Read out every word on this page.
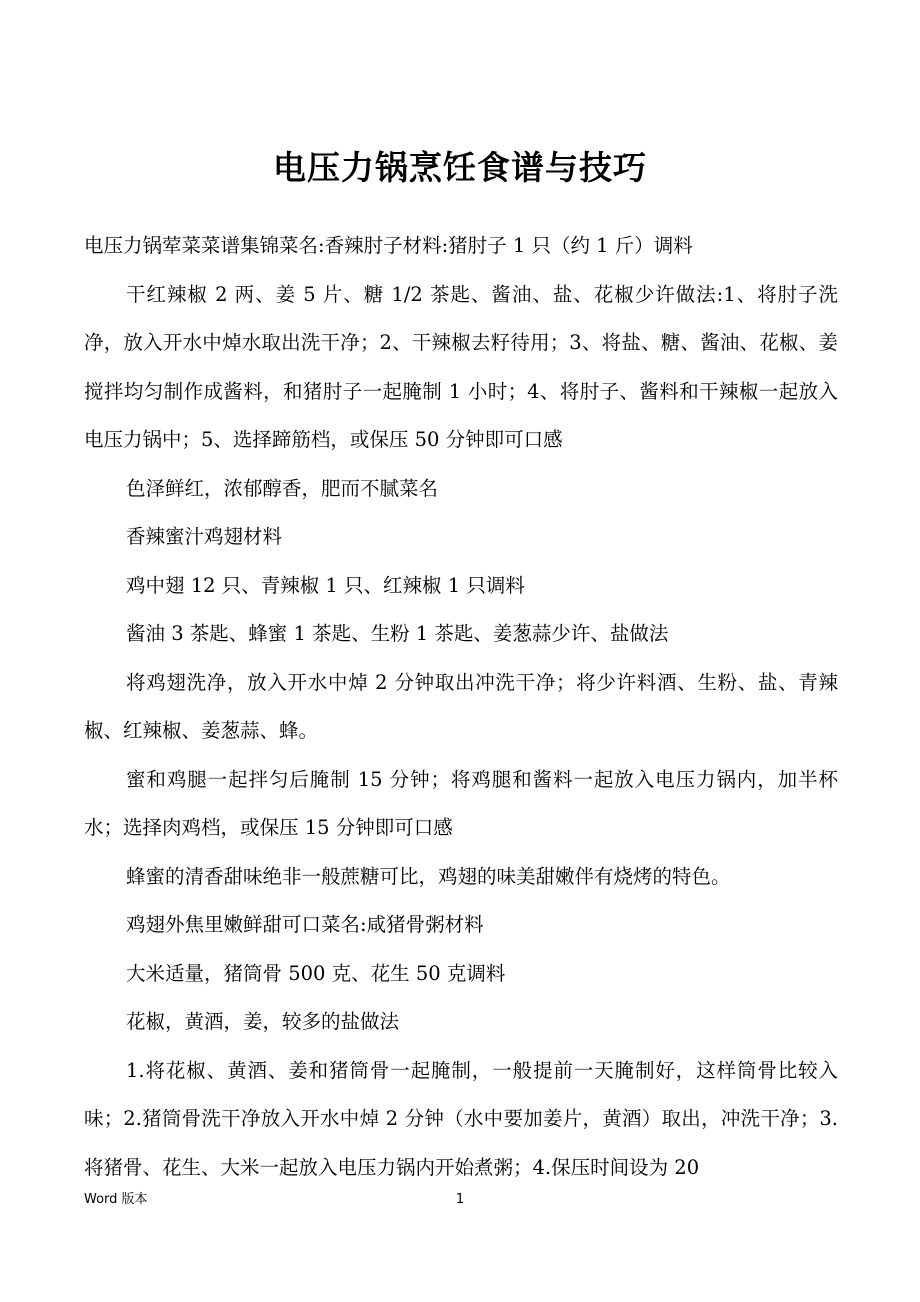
电压力锅烹饪食谱与技巧

电压力锅荤菜菜谱集锦菜名:香辣肘子材料:猪肘子 1 只（约 1 斤）调料

干红辣椒 2 两、姜 5 片、糖 1/2 茶匙、酱油、盐、花椒少许做法:1、将肘子洗净，放入开水中焯水取出洗干净；2、干辣椒去籽待用；3、将盐、糖、酱油、花椒、姜搅拌均匀制作成酱料，和猪肘子一起腌制 1 小时；4、将肘子、酱料和干辣椒一起放入电压力锅中；5、选择蹄筋档，或保压 50 分钟即可口感

色泽鲜红，浓郁醇香，肥而不腻菜名

香辣蜜汁鸡翅材料

鸡中翅 12 只、青辣椒 1 只、红辣椒 1 只调料

酱油 3 茶匙、蜂蜜 1 茶匙、生粉 1 茶匙、姜葱蒜少许、盐做法

将鸡翅洗净，放入开水中焯 2 分钟取出冲洗干净；将少许料酒、生粉、盐、青辣椒、红辣椒、姜葱蒜、蜂。

蜜和鸡腿一起拌匀后腌制 15 分钟；将鸡腿和酱料一起放入电压力锅内，加半杯水；选择肉鸡档，或保压 15 分钟即可口感

蜂蜜的清香甜味绝非一般蔗糖可比，鸡翅的味美甜嫩伴有烧烤的特色。

鸡翅外焦里嫩鲜甜可口菜名:咸猪骨粥材料

大米适量，猪筒骨 500 克、花生 50 克调料

花椒，黄酒，姜，较多的盐做法

1.将花椒、黄酒、姜和猪筒骨一起腌制，一般提前一天腌制好，这样筒骨比较入味；2.猪筒骨洗干净放入开水中焯 2 分钟（水中要加姜片，黄酒）取出，冲洗干净；3.将猪骨、花生、大米一起放入电压力锅内开始煮粥；4.保压时间设为 20

Word 版本	1
